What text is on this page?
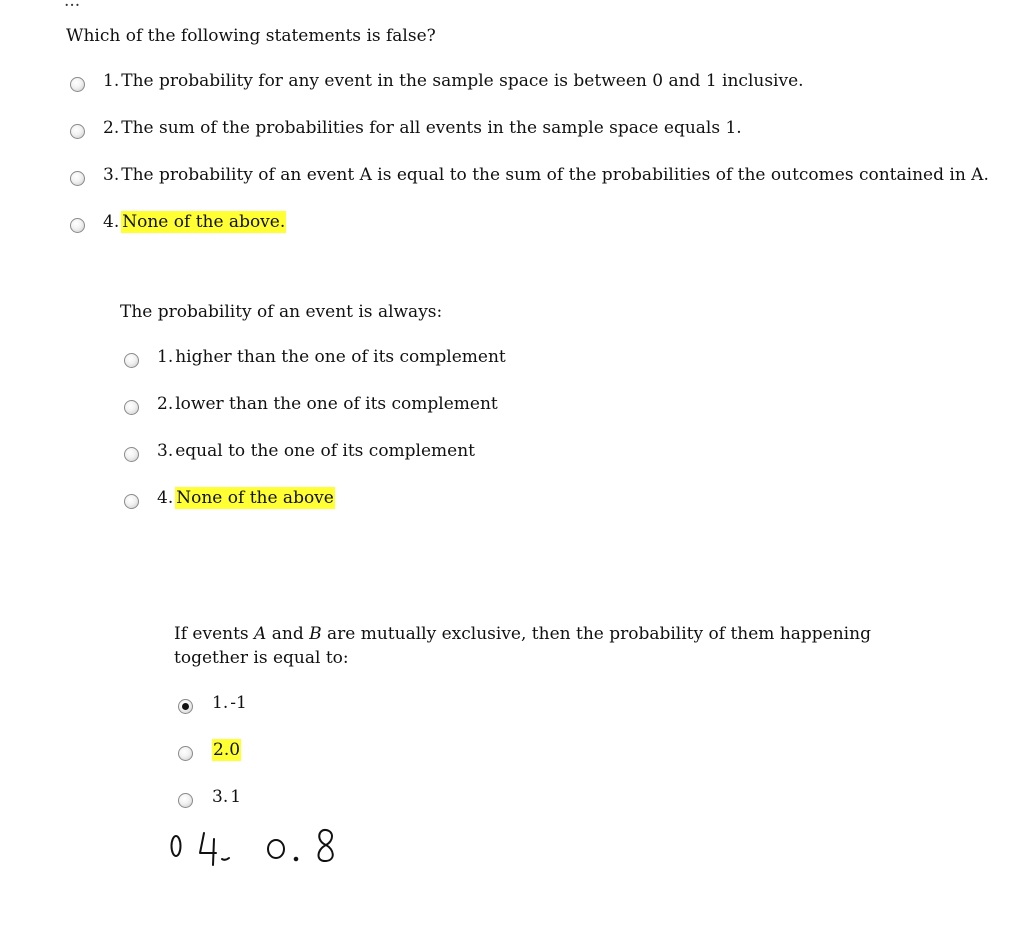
...
Which of the following statements is false?
1. The probability for any event in the sample space is between 0 and 1 inclusive.
2. The sum of the probabilities for all events in the sample space equals 1.
3. The probability of an event A is equal to the sum of the probabilities of the outcomes contained in A.
4. None of the above.
The probability of an event is always:
1. higher than the one of its complement
2. lower than the one of its complement
3. equal to the one of its complement
4. None of the above
If events A and B are mutually exclusive, then the probability of them happening together is equal to:
1. -1
2.0
3. 1
